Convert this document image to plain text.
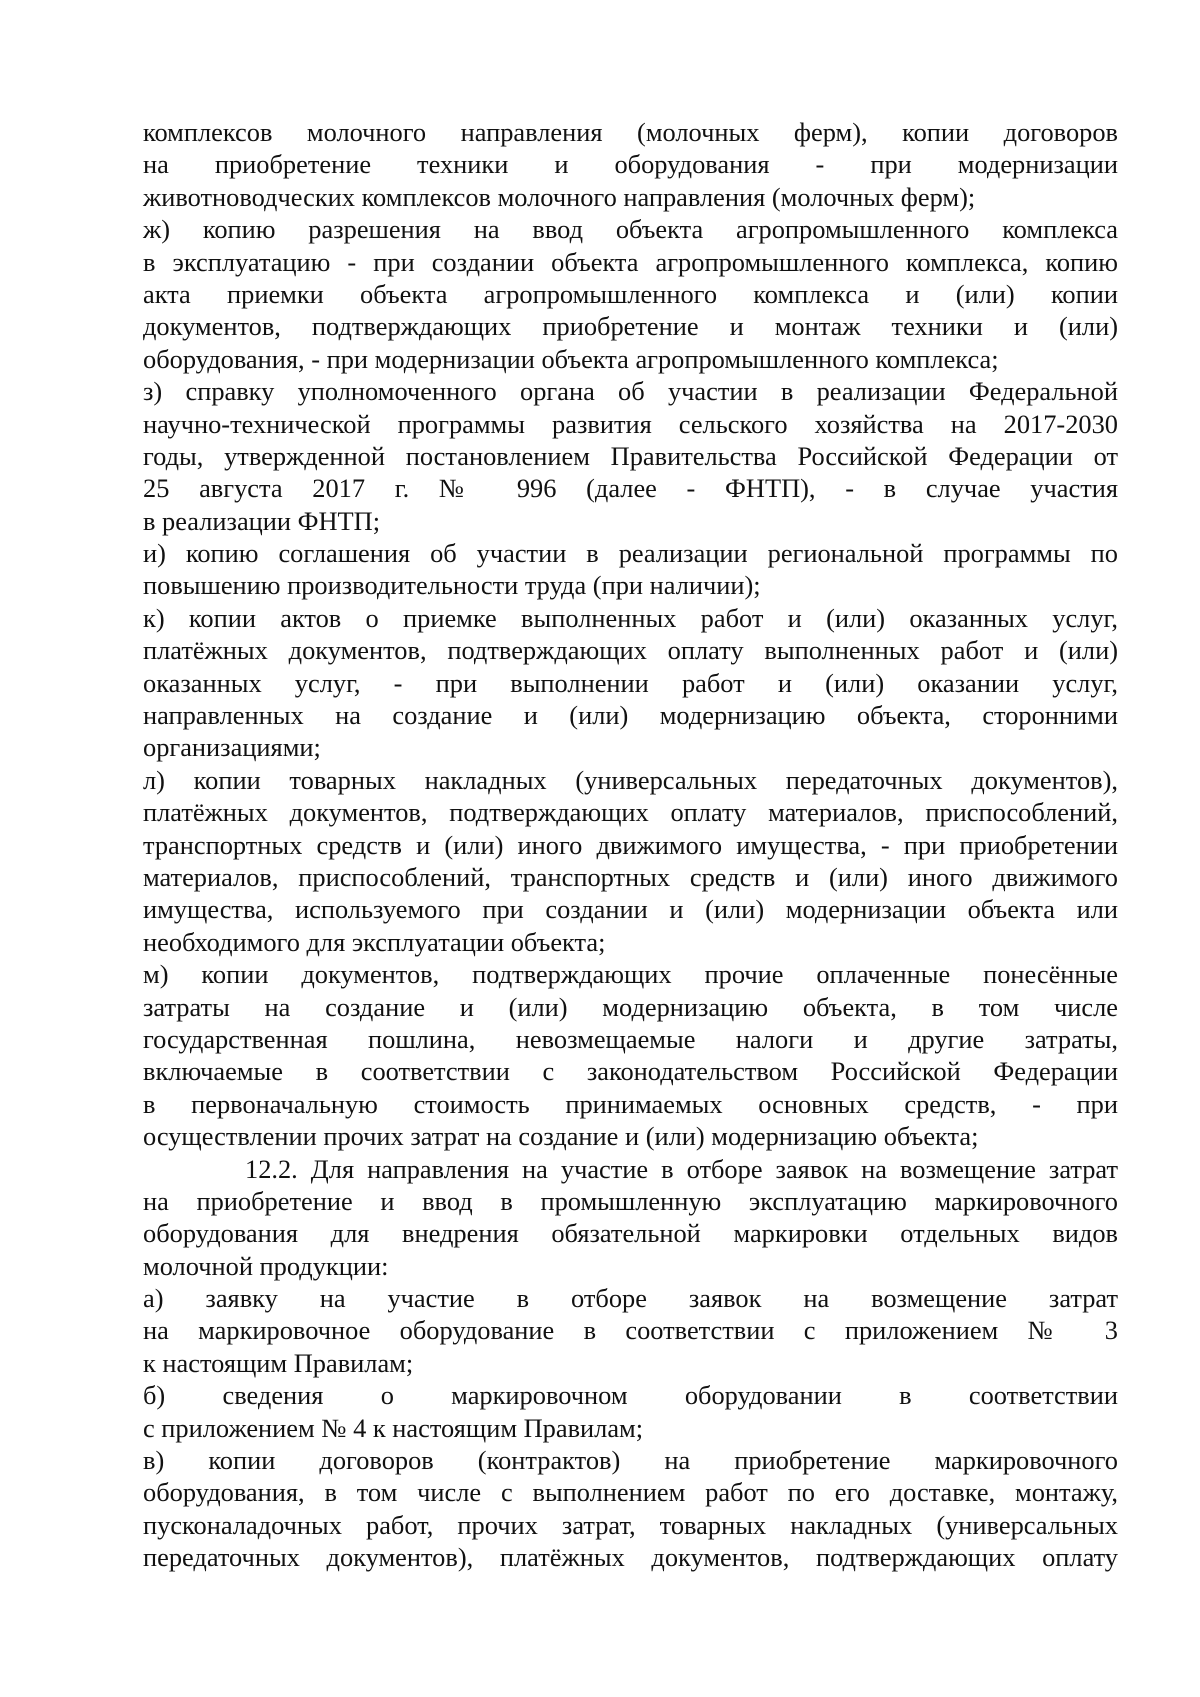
комплексов молочного направления (молочных ферм), копии договоров
на приобретение техники и оборудования - при модернизации
животноводческих комплексов молочного направления (молочных ферм);
ж) копию разрешения на ввод объекта агропромышленного комплекса
в эксплуатацию - при создании объекта агропромышленного комплекса, копию
акта приемки объекта агропромышленного комплекса и (или) копии
документов, подтверждающих приобретение и монтаж техники и (или)
оборудования, - при модернизации объекта агропромышленного комплекса;
з) справку уполномоченного органа об участии в реализации Федеральной
научно-технической программы развития сельского хозяйства на 2017-2030
годы, утвержденной постановлением Правительства Российской Федерации от
25 августа 2017 г. № 996 (далее - ФНТП), - в случае участия
в реализации ФНТП;
и) копию соглашения об участии в реализации региональной программы по
повышению производительности труда (при наличии);
к) копии актов о приемке выполненных работ и (или) оказанных услуг,
платёжных документов, подтверждающих оплату выполненных работ и (или)
оказанных услуг, - при выполнении работ и (или) оказании услуг,
направленных на создание и (или) модернизацию объекта, сторонними
организациями;
л) копии товарных накладных (универсальных передаточных документов),
платёжных документов, подтверждающих оплату материалов, приспособлений,
транспортных средств и (или) иного движимого имущества, - при приобретении
материалов, приспособлений, транспортных средств и (или) иного движимого
имущества, используемого при создании и (или) модернизации объекта или
необходимого для эксплуатации объекта;
м) копии документов, подтверждающих прочие оплаченные понесённые
затраты на создание и (или) модернизацию объекта, в том числе
государственная пошлина, невозмещаемые налоги и другие затраты,
включаемые в соответствии с законодательством Российской Федерации
в первоначальную стоимость принимаемых основных средств, - при
осуществлении прочих затрат на создание и (или) модернизацию объекта;
12.2. Для направления на участие в отборе заявок на возмещение затрат
на приобретение и ввод в промышленную эксплуатацию маркировочного
оборудования для внедрения обязательной маркировки отдельных видов
молочной продукции:
а) заявку на участие в отборе заявок на возмещение затрат
на маркировочное оборудование в соответствии с приложением № 3
к настоящим Правилам;
б) сведения о маркировочном оборудовании в соответствии
с приложением № 4 к настоящим Правилам;
в) копии договоров (контрактов) на приобретение маркировочного
оборудования, в том числе с выполнением работ по его доставке, монтажу,
пусконаладочных работ, прочих затрат, товарных накладных (универсальных
передаточных документов), платёжных документов, подтверждающих оплату
